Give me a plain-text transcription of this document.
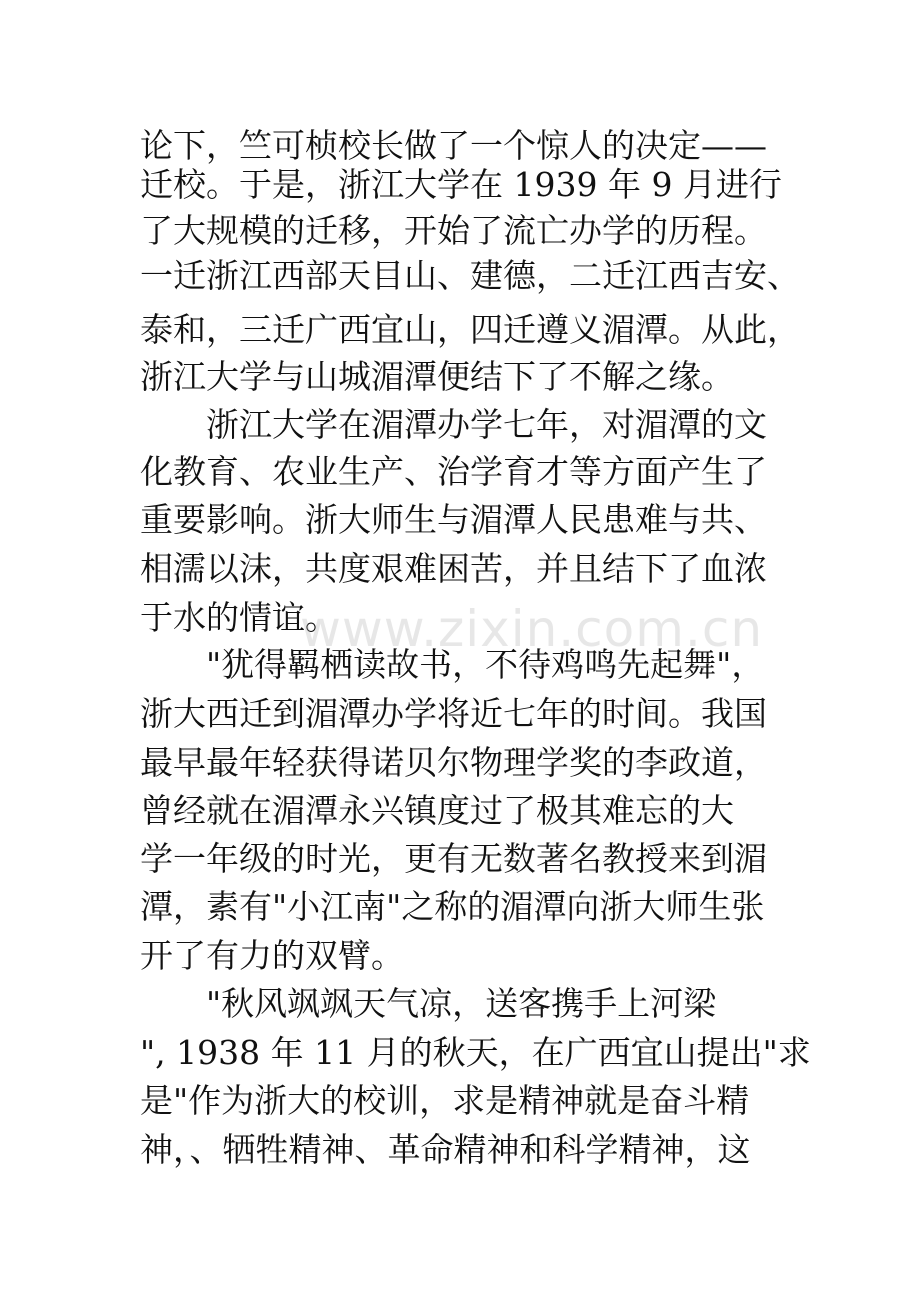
论下，竺可桢校长做了一个惊人的决定——
迁校。于是，浙江大学在 1939 年 9 月进行
了大规模的迁移，开始了流亡办学的历程。
一迁浙江西部天目山、建德，二迁江西吉安、
泰和，三迁广西宜山，四迁遵义湄潭。从此，
浙江大学与山城湄潭便结下了不解之缘。
　　浙江大学在湄潭办学七年，对湄潭的文
化教育、农业生产、治学育才等方面产生了
重要影响。浙大师生与湄潭人民患难与共、
相濡以沫，共度艰难困苦，并且结下了血浓
于水的情谊。
　　"犹得羁栖读故书，不待鸡鸣先起舞"，
浙大西迁到湄潭办学将近七年的时间。我国
最早最年轻获得诺贝尔物理学奖的李政道，
曾经就在湄潭永兴镇度过了极其难忘的大
学一年级的时光，更有无数著名教授来到湄
潭，素有"小江南"之称的湄潭向浙大师生张
开了有力的双臂。
　　"秋风飒飒天气凉，送客携手上河梁
", 1938 年 11 月的秋天，在广西宜山提出"求
是"作为浙大的校训，求是精神就是奋斗精
神，、牺牲精神、革命精神和科学精神，这
www.zixin.com.cn
